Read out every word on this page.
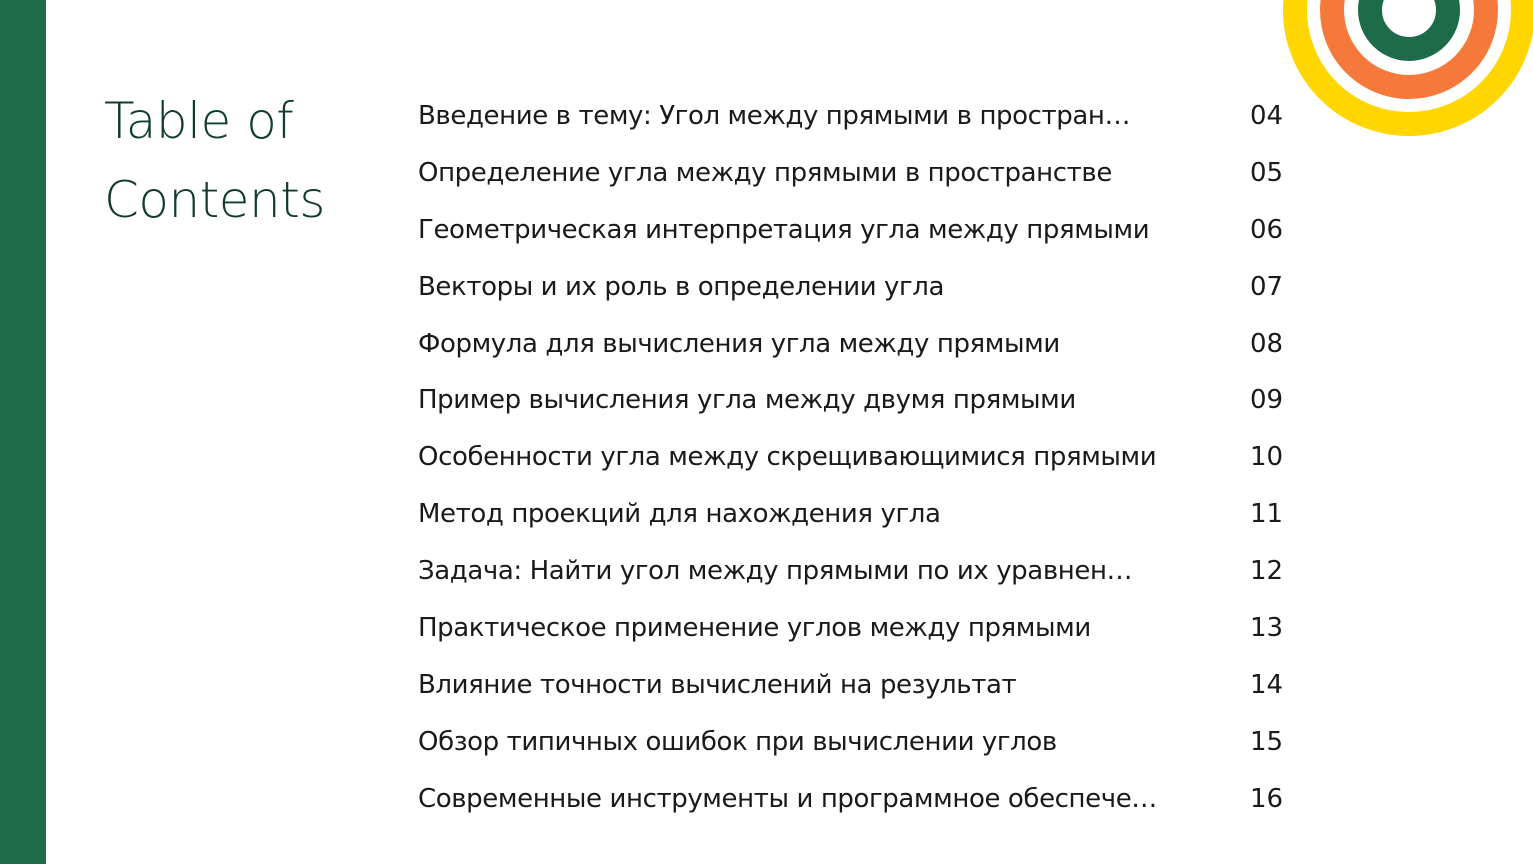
Table of
Contents
Введение в тему: Угол между прямыми в простран…	04
Определение угла между прямыми в пространстве	05
Геометрическая интерпретация угла между прямыми	06
Векторы и их роль в определении угла	07
Формула для вычисления угла между прямыми	08
Пример вычисления угла между двумя прямыми	09
Особенности угла между скрещивающимися прямыми	10
Метод проекций для нахождения угла	11
Задача: Найти угол между прямыми по их уравнен…	12
Практическое применение углов между прямыми	13
Влияние точности вычислений на результат	14
Обзор типичных ошибок при вычислении углов	15
Современные инструменты и программное обеспече…	16
